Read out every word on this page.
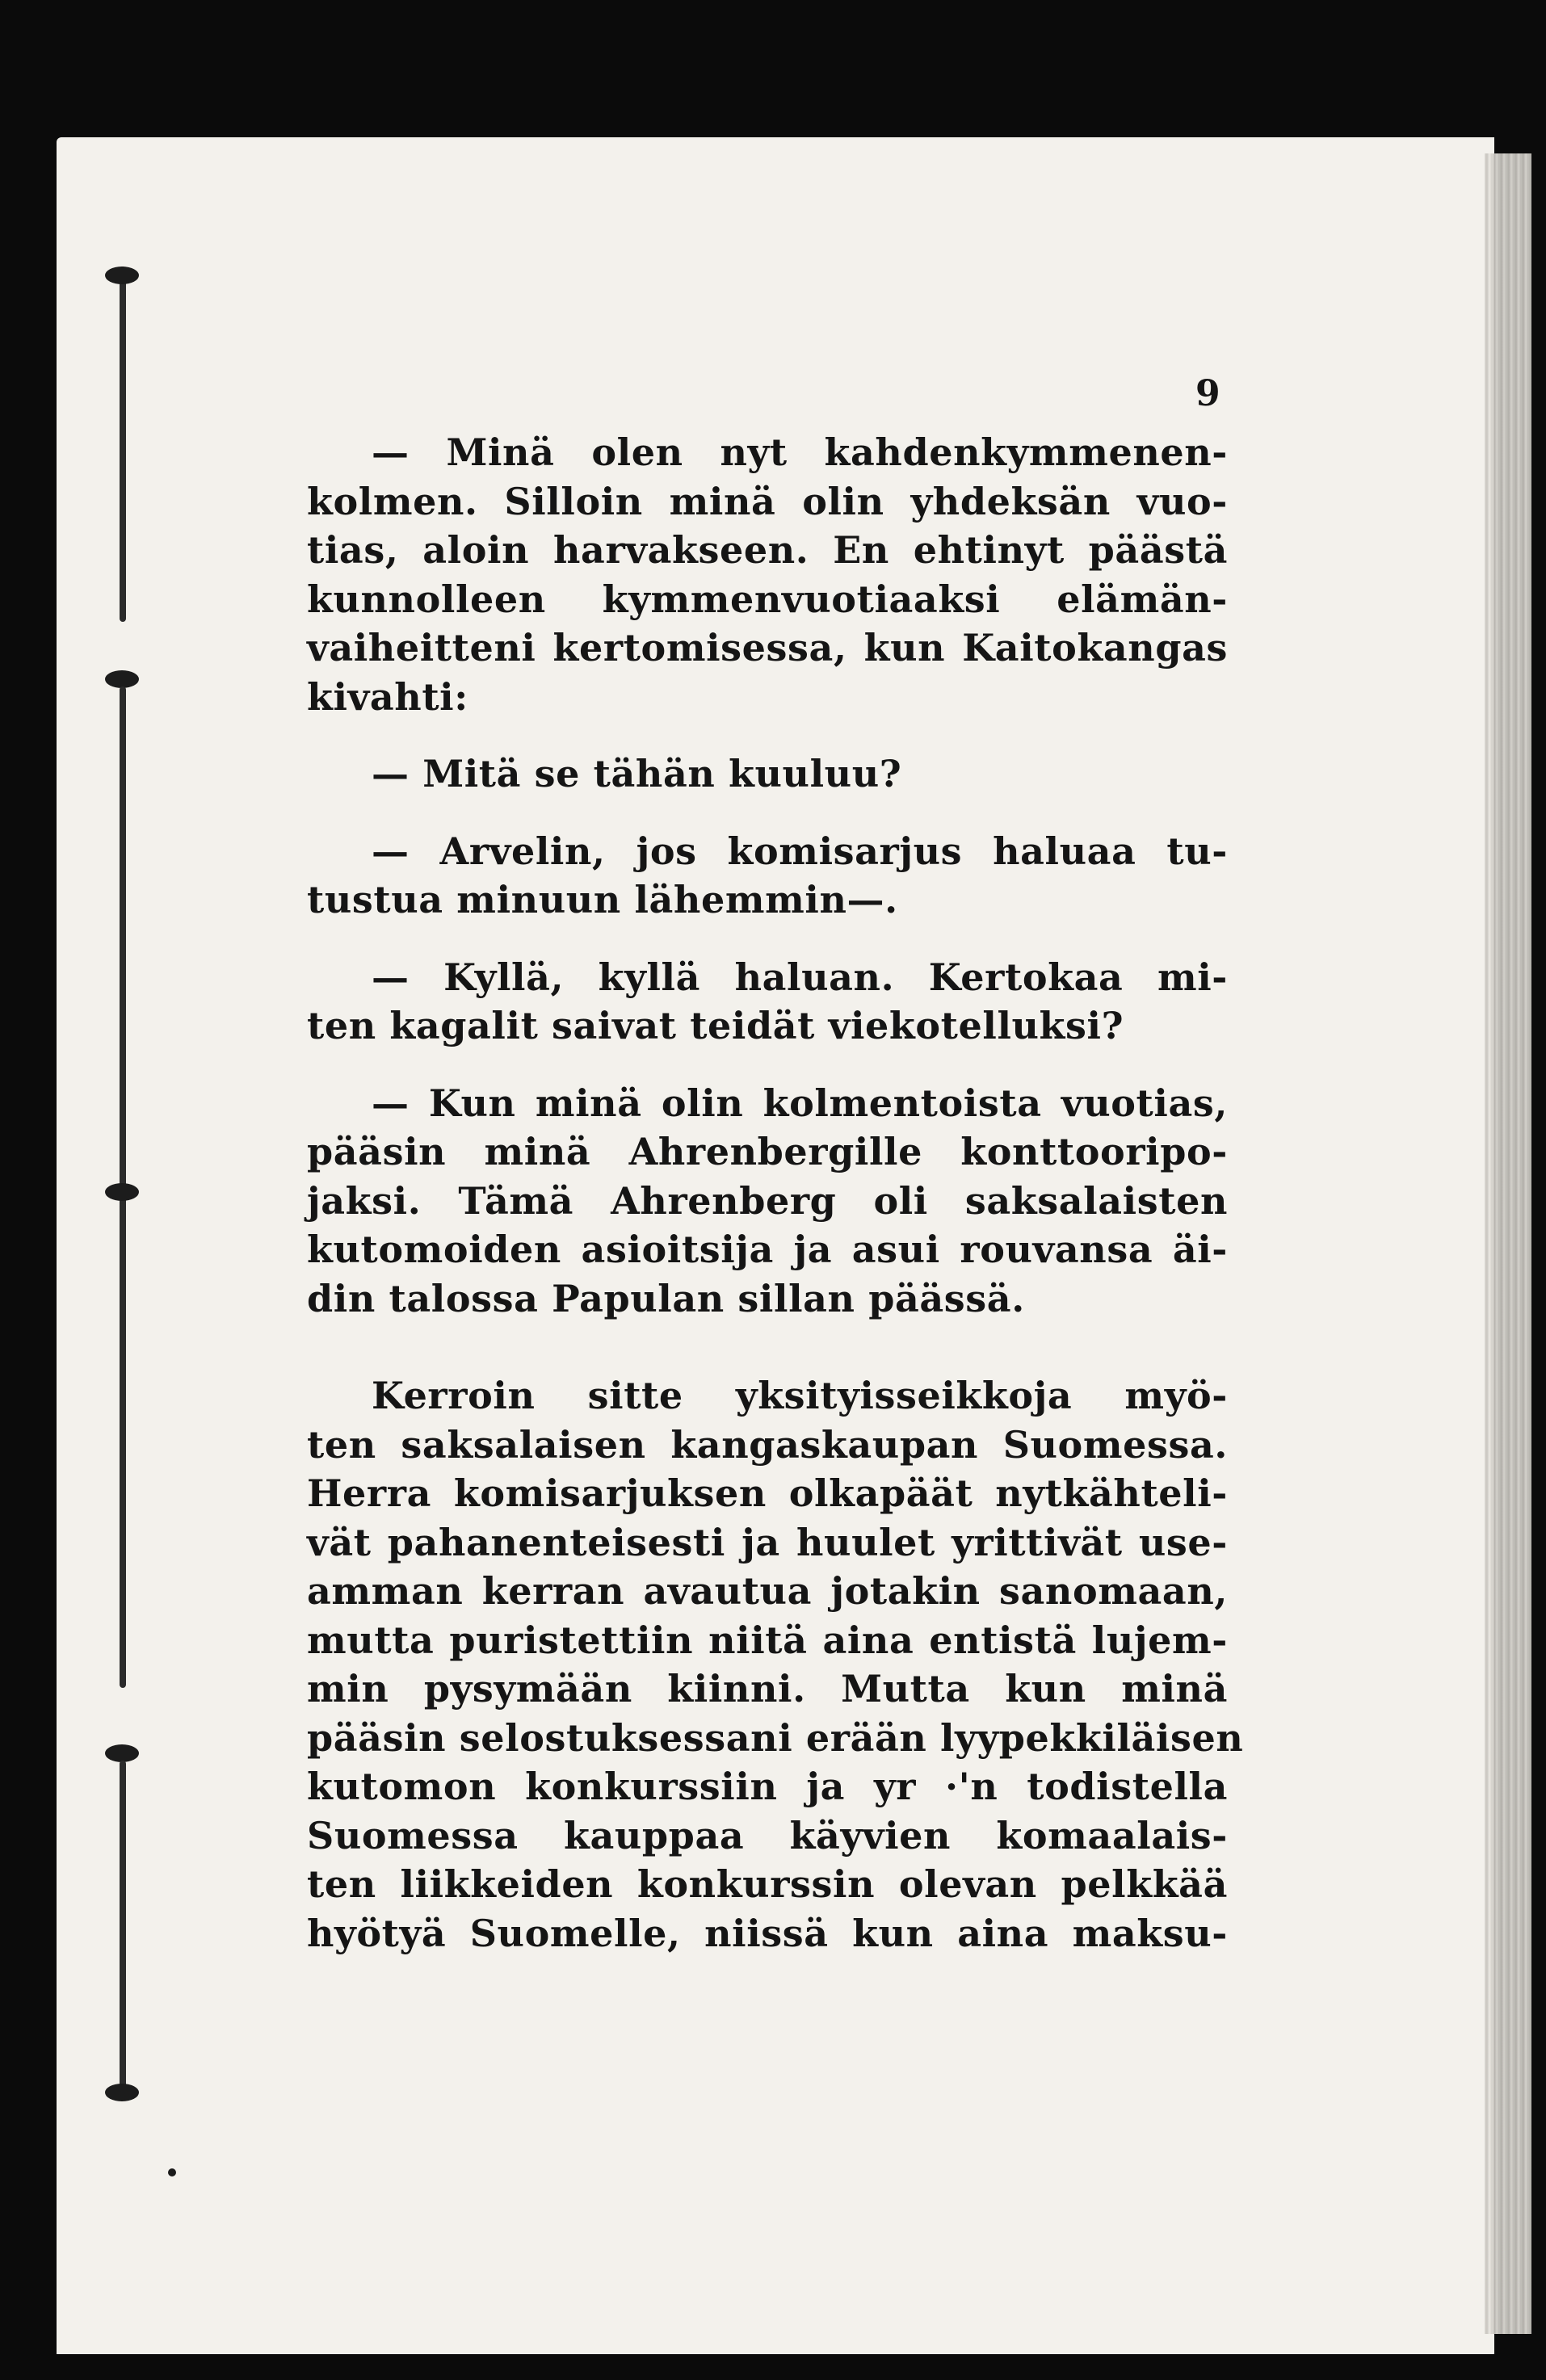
9

— Minä olen nyt kahdenkymmenen-
kolmen. Silloin minä olin yhdeksän vuo-
tias, aloin harvakseen. En ehtinyt päästä
kunnolleen kymmenvuotiaaksi elämän-
vaiheitteni kertomisessa, kun Kaitokangas
kivahti:

— Mitä se tähän kuuluu?

— Arvelin, jos komisarjus haluaa tu-
tustua minuun lähemmin—.

— Kyllä, kyllä haluan. Kertokaa mi-
ten kagalit saivat teidät viekotelluksi?

— Kun minä olin kolmentoista vuotias,
pääsin minä Ahrenbergille konttooripo-
jaksi. Tämä Ahrenberg oli saksalaisten
kutomoiden asioitsija ja asui rouvansa äi-
din talossa Papulan sillan päässä.

Kerroin sitte yksityisseikkoja myö-
ten saksalaisen kangaskaupan Suomessa.
Herra komisarjuksen olkapäät nytkähteli-
vät pahanenteisesti ja huulet yrittivät use-
amman kerran avautua jotakin sanomaan,
mutta puristettiin niitä aina entistä lujem-
min pysymään kiinni. Mutta kun minä
pääsin selostuksessani erään lyypekkiläisen
kutomon konkurssiin ja yr ·'n todistella
Suomessa kauppaa käyvien komaalais-
ten liikkeiden konkurssin olevan pelkkää
hyötyä Suomelle, niissä kun aina maksu-
